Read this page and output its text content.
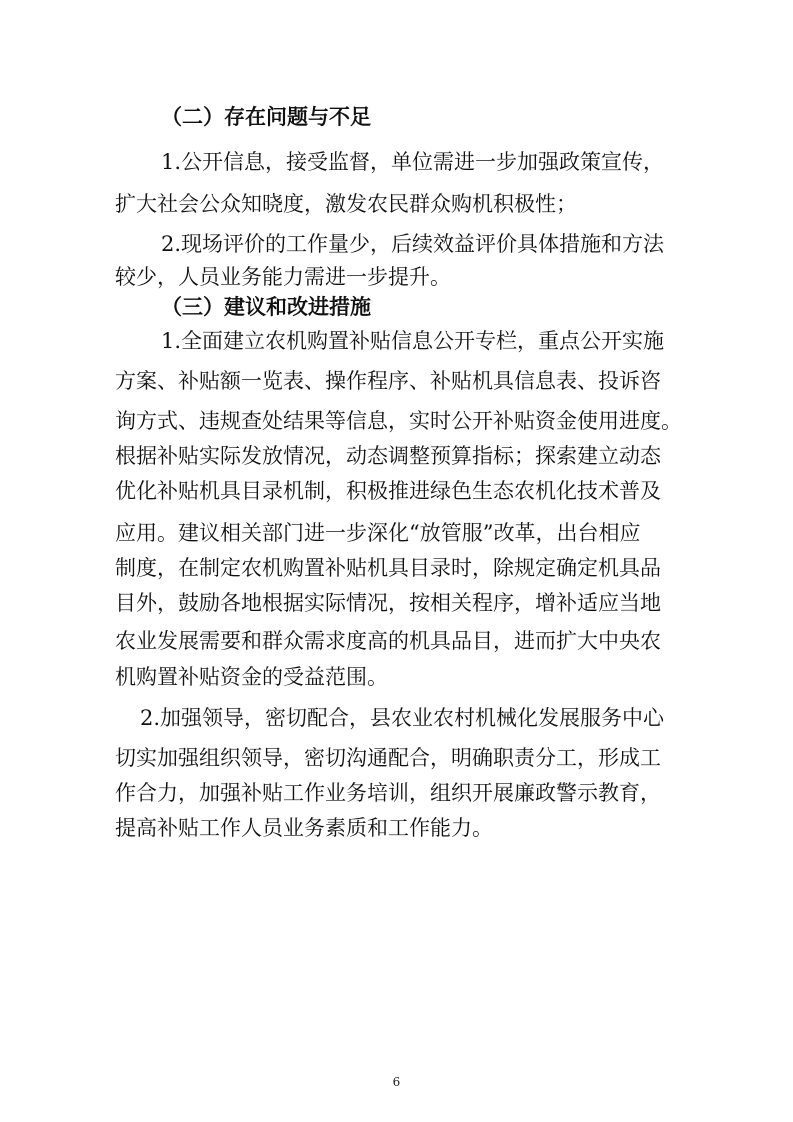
（二）存在问题与不足
1.公开信息，接受监督，单位需进一步加强政策宣传，
扩大社会公众知晓度，激发农民群众购机积极性；
2.现场评价的工作量少，后续效益评价具体措施和方法
较少，人员业务能力需进一步提升。
（三）建议和改进措施
1.全面建立农机购置补贴信息公开专栏，重点公开实施
方案、补贴额一览表、操作程序、补贴机具信息表、投诉咨
询方式、违规查处结果等信息，实时公开补贴资金使用进度。
根据补贴实际发放情况，动态调整预算指标；探索建立动态
优化补贴机具目录机制，积极推进绿色生态农机化技术普及
应用。建议相关部门进一步深化“放管服”改革，出台相应
制度，在制定农机购置补贴机具目录时，除规定确定机具品
目外，鼓励各地根据实际情况，按相关程序，增补适应当地
农业发展需要和群众需求度高的机具品目，进而扩大中央农
机购置补贴资金的受益范围。
2.加强领导，密切配合，县农业农村机械化发展服务中心
切实加强组织领导，密切沟通配合，明确职责分工，形成工
作合力，加强补贴工作业务培训，组织开展廉政警示教育，
提高补贴工作人员业务素质和工作能力。
6
